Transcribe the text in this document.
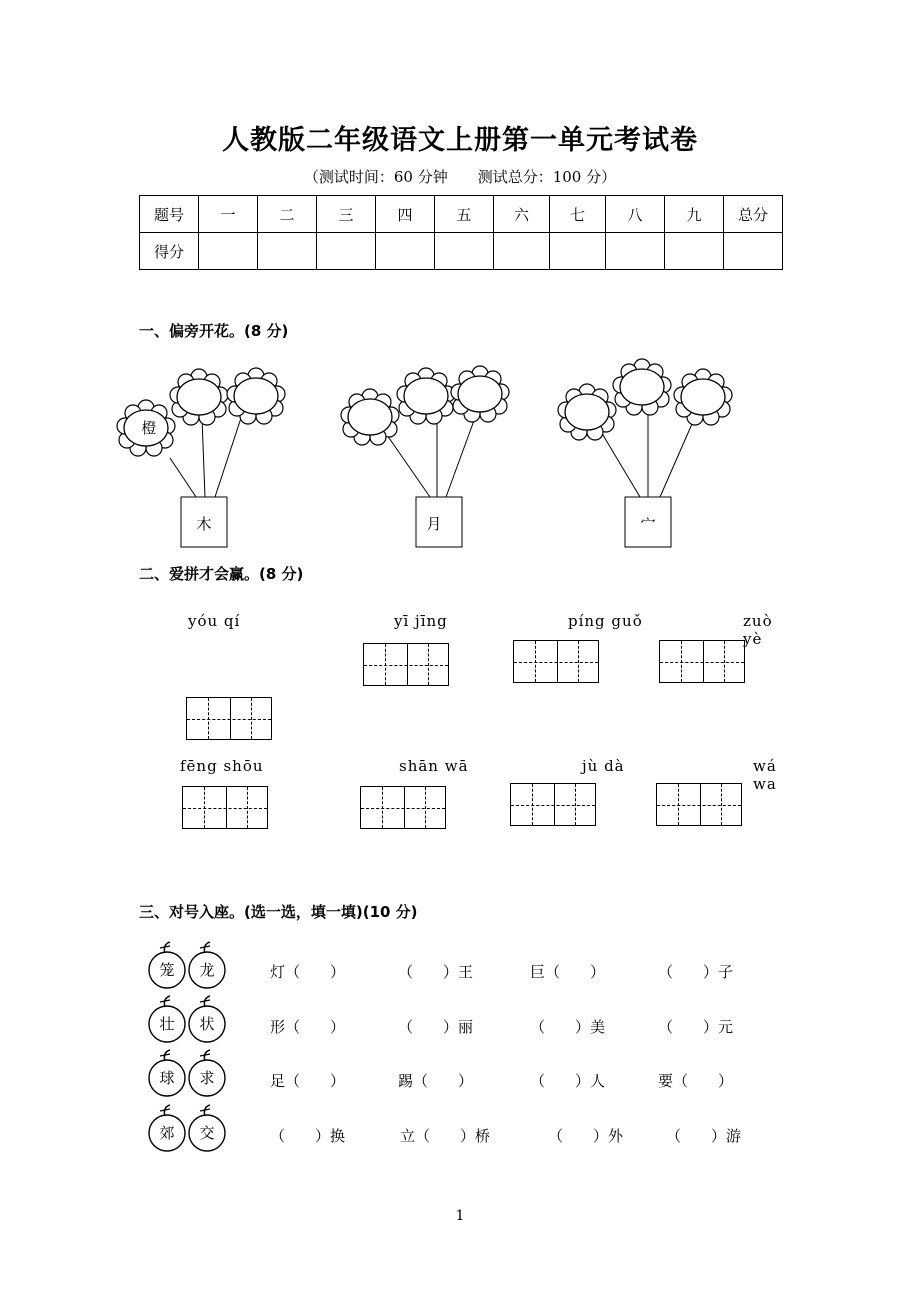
人教版二年级语文上册第一单元考试卷
（测试时间：60 分钟　　测试总分：100 分）
题号	一	二	三	四	五	六	七	八	九	总分
得分										
一、偏旁开花。(8 分)
橙
木	月	宀
二、爱拼才会赢。(8 分)
yóu qí	yī jīng	píng guǒ	zuò yè
fēng shōu	shān wā	jù dà	wá wa
三、对号入座。(选一选，填一填)(10 分)
笼 龙
壮 状
球 求
郊 交
灯（　　）	（　　）王	巨（　　）	（　　）子
形（　　）	（　　）丽	（　　）美	（　　）元
足（　　）	踢（　　）	（　　）人	要（　　）
（　　）换	立（　　）桥	（　　）外	（　　）游
1
